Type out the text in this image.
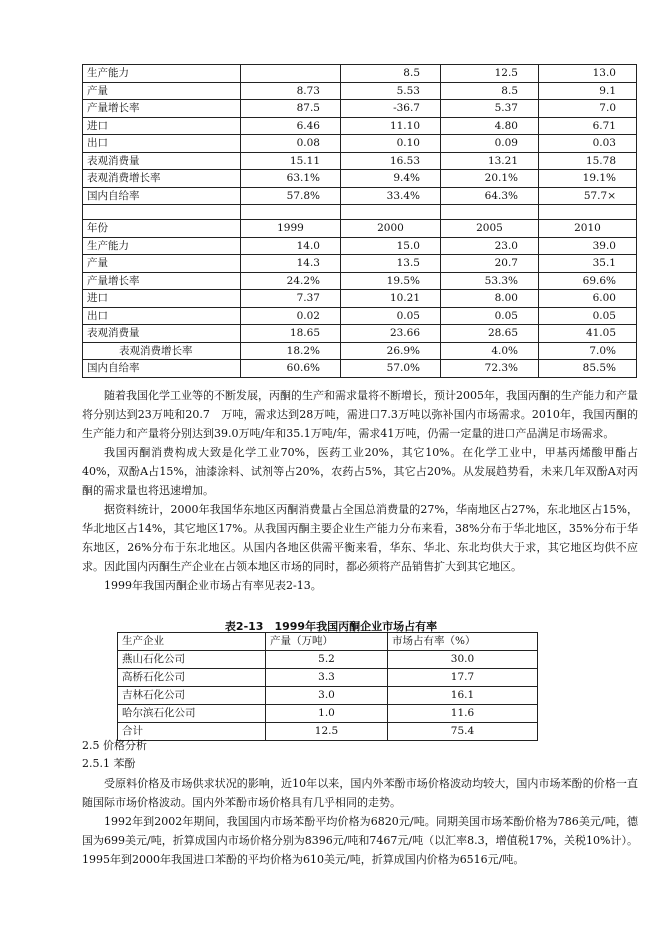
生产能力		8.5	12.5	13.0
产量	8.73	5.53	8.5	9.1
产量增长率	87.5	-36.7	5.37	7.0
进口	6.46	11.10	4.80	6.71
出口	0.08	0.10	0.09	0.03
表观消费量	15.11	16.53	13.21	15.78
表观消费增长率	63.1%	9.4%	20.1%	19.1%
国内自给率	57.8%	33.4%	64.3%	57.7×

年份	1999	2000	2005	2010
生产能力	14.0	15.0	23.0	39.0
产量	14.3	13.5	20.7	35.1
产量增长率	24.2%	19.5%	53.3%	69.6%
进口	7.37	10.21	8.00	6.00
出口	0.02	0.05	0.05	0.05
表观消费量	18.65	23.66	28.65	41.05
表观消费增长率	18.2%	26.9%	4.0%	7.0%
国内自给率	60.6%	57.0%	72.3%	85.5%

随着我国化学工业等的不断发展，丙酮的生产和需求量将不断增长，预计2005年，我国丙酮的生产能力和产量将分别达到23万吨和20.7　万吨，需求达到28万吨，需进口7.3万吨以弥补国内市场需求。2010年，我国丙酮的生产能力和产量将分别达到39.0万吨/年和35.1万吨/年，需求41万吨，仍需一定量的进口产品满足市场需求。

我国丙酮消费构成大致是化学工业70%，医药工业20%，其它10%。在化学工业中，甲基丙烯酸甲酯占40%，双酚A占15%，油漆涂料、试剂等占20%，农药占5%，其它占20%。从发展趋势看，未来几年双酚A对丙酮的需求量也将迅速增加。

据资料统计，2000年我国华东地区丙酮消费量占全国总消费量的27%，华南地区占27%，东北地区占15%，华北地区占14%，其它地区17%。从我国丙酮主要企业生产能力分布来看，38%分布于华北地区，35%分布于华东地区，26%分布于东北地区。从国内各地区供需平衡来看，华东、华北、东北均供大于求，其它地区均供不应求。因此国内丙酮生产企业在占领本地区市场的同时，都必须将产品销售扩大到其它地区。

1999年我国丙酮企业市场占有率见表2-13。

表2-13　1999年我国丙酮企业市场占有率
生产企业	产量（万吨）	市场占有率（%）
燕山石化公司	5.2	30.0
高桥石化公司	3.3	17.7
吉林石化公司	3.0	16.1
哈尔滨石化公司	1.0	11.6
合计	12.5	75.4
2.5 价格分析
2.5.1 苯酚

受原料价格及市场供求状况的影响，近10年以来，国内外苯酚市场价格波动均较大，国内市场苯酚的价格一直随国际市场价格波动。国内外苯酚市场价格具有几乎相同的走势。

1992年到2002年期间，我国国内市场苯酚平均价格为6820元/吨。同期美国市场苯酚价格为786美元/吨，德国为699美元/吨，折算成国内市场价格分别为8396元/吨和7467元/吨（以汇率8.3，增值税17%，关税10%计）。1995年到2000年我国进口苯酚的平均价格为610美元/吨，折算成国内价格为6516元/吨。
